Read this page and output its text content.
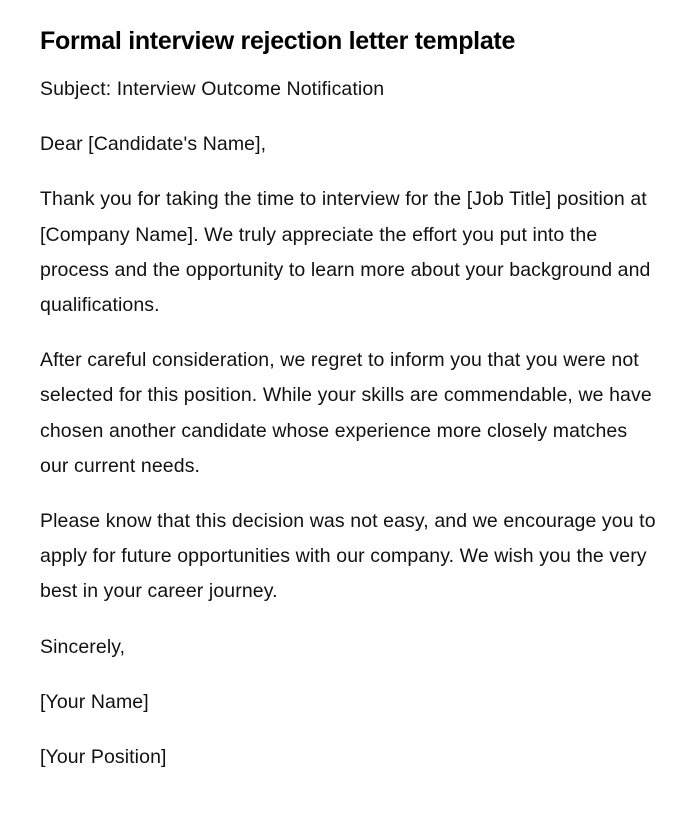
Formal interview rejection letter template

Subject: Interview Outcome Notification

Dear [Candidate's Name],

Thank you for taking the time to interview for the [Job Title] position at [Company Name]. We truly appreciate the effort you put into the process and the opportunity to learn more about your background and qualifications.

After careful consideration, we regret to inform you that you were not selected for this position. While your skills are commendable, we have chosen another candidate whose experience more closely matches our current needs.

Please know that this decision was not easy, and we encourage you to apply for future opportunities with our company. We wish you the very best in your career journey.

Sincerely,

[Your Name]

[Your Position]
